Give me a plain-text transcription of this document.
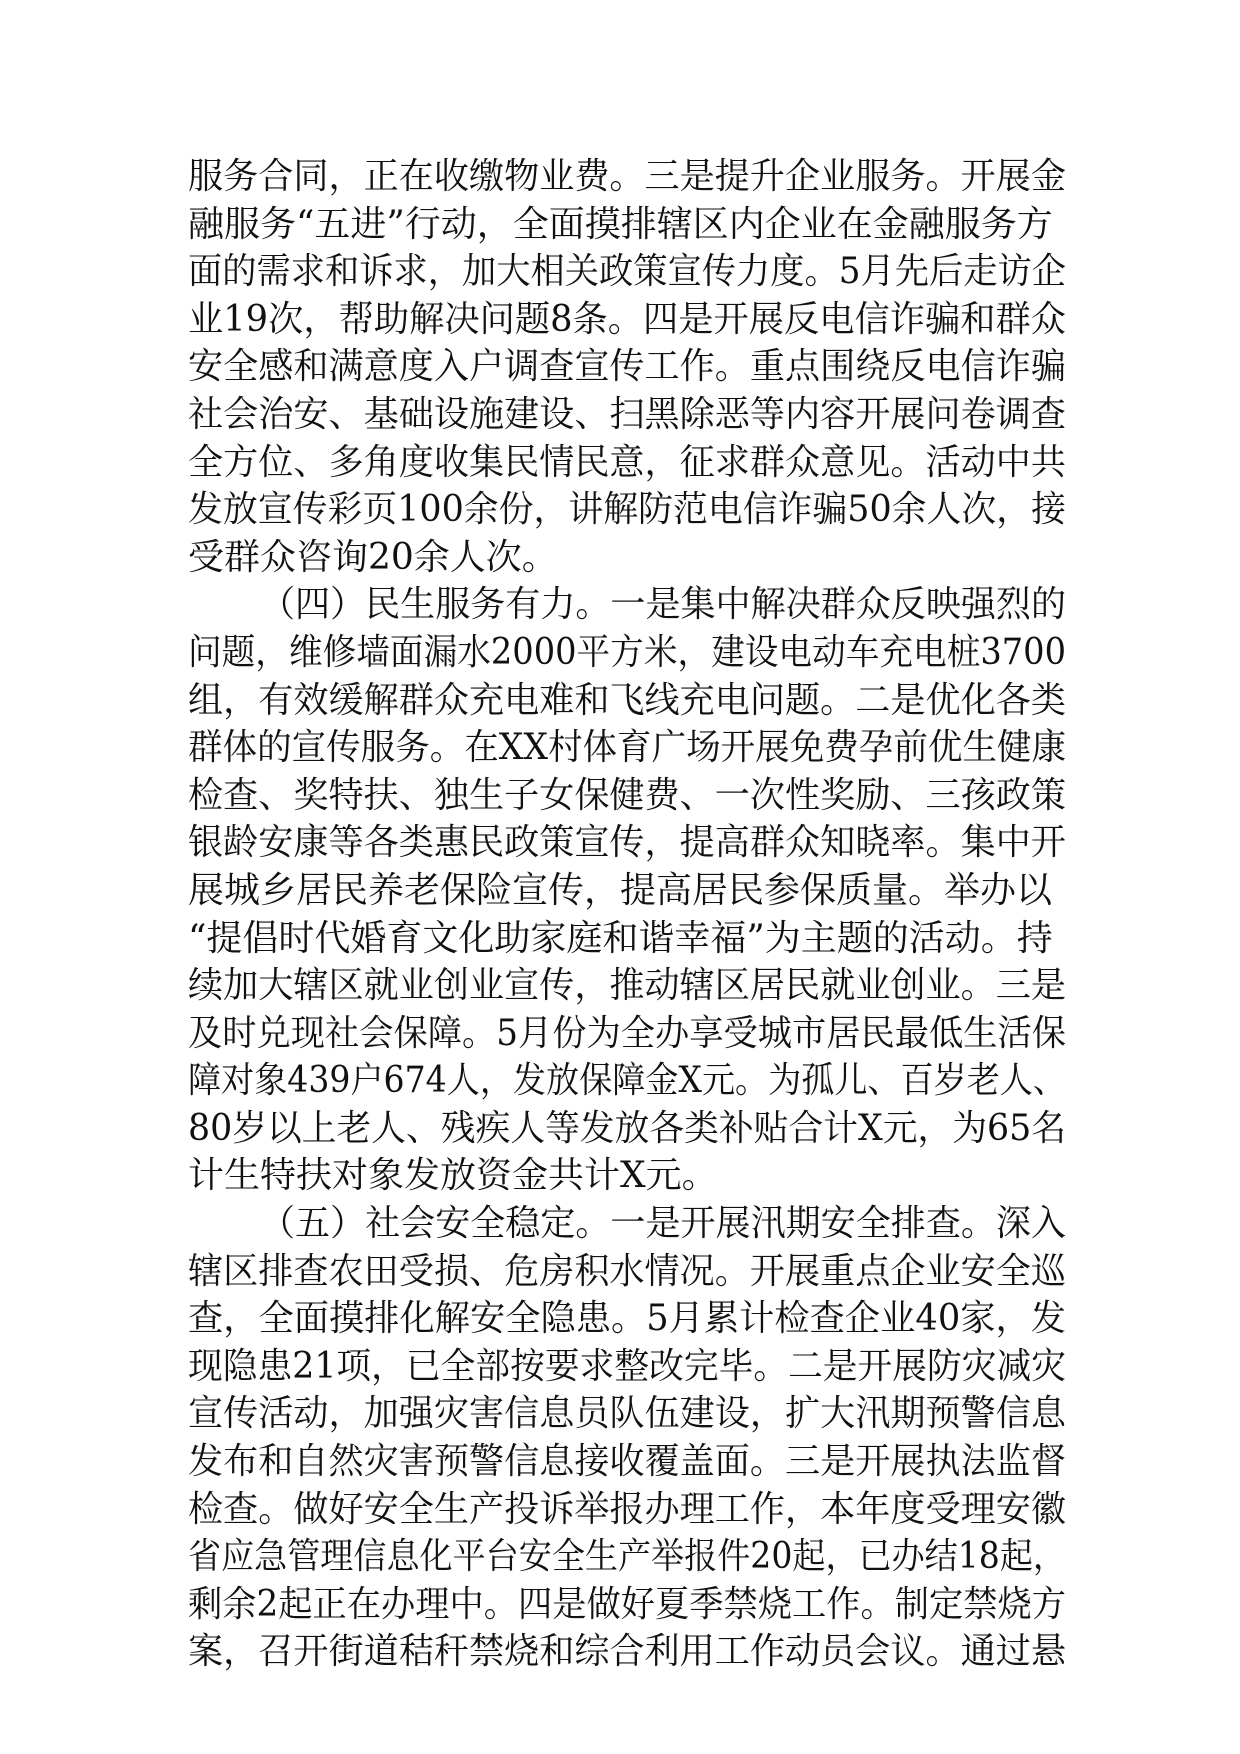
服务合同，正在收缴物业费。三是提升企业服务。开展金
融服务“五进”行动，全面摸排辖区内企业在金融服务方
面的需求和诉求，加大相关政策宣传力度。5月先后走访企
业19次，帮助解决问题8条。四是开展反电信诈骗和群众
安全感和满意度入户调查宣传工作。重点围绕反电信诈骗
社会治安、基础设施建设、扫黑除恶等内容开展问卷调查
全方位、多角度收集民情民意，征求群众意见。活动中共
发放宣传彩页100余份，讲解防范电信诈骗50余人次，接
受群众咨询20余人次。
（四）民生服务有力。一是集中解决群众反映强烈的
问题，维修墙面漏水2000平方米，建设电动车充电桩3700
组，有效缓解群众充电难和飞线充电问题。二是优化各类
群体的宣传服务。在XX村体育广场开展免费孕前优生健康
检查、奖特扶、独生子女保健费、一次性奖励、三孩政策
银龄安康等各类惠民政策宣传，提高群众知晓率。集中开
展城乡居民养老保险宣传，提高居民参保质量。举办以
“提倡时代婚育文化助家庭和谐幸福”为主题的活动。持
续加大辖区就业创业宣传，推动辖区居民就业创业。三是
及时兑现社会保障。5月份为全办享受城市居民最低生活保
障对象439户674人，发放保障金X元。为孤儿、百岁老人、
80岁以上老人、残疾人等发放各类补贴合计X元，为65名
计生特扶对象发放资金共计X元。
（五）社会安全稳定。一是开展汛期安全排查。深入
辖区排查农田受损、危房积水情况。开展重点企业安全巡
查，全面摸排化解安全隐患。5月累计检查企业40家，发
现隐患21项，已全部按要求整改完毕。二是开展防灾减灾
宣传活动，加强灾害信息员队伍建设，扩大汛期预警信息
发布和自然灾害预警信息接收覆盖面。三是开展执法监督
检查。做好安全生产投诉举报办理工作，本年度受理安徽
省应急管理信息化平台安全生产举报件20起，已办结18起，
剩余2起正在办理中。四是做好夏季禁烧工作。制定禁烧方
案，召开街道秸秆禁烧和综合利用工作动员会议。通过悬
